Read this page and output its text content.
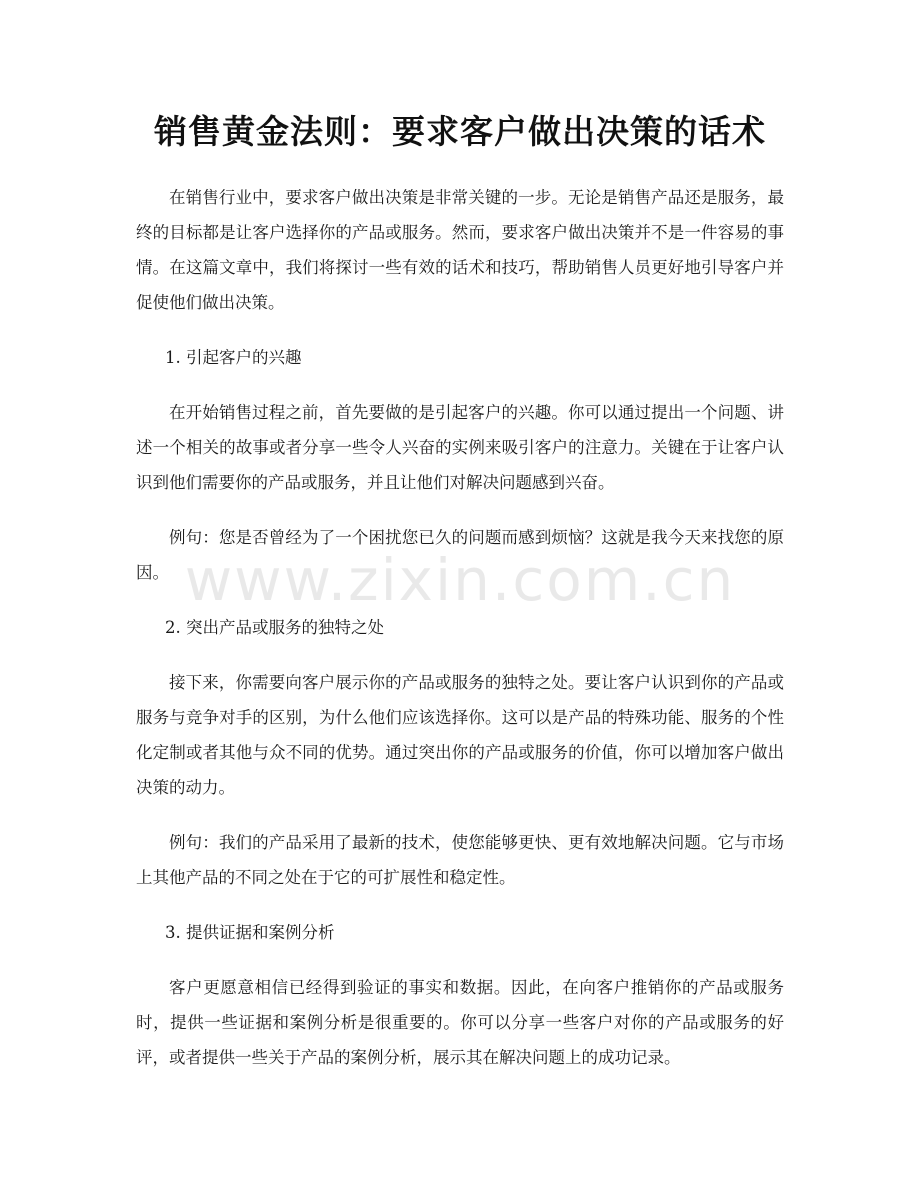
销售黄金法则：要求客户做出决策的话术

在销售行业中，要求客户做出决策是非常关键的一步。无论是销售产品还是服务，最终的目标都是让客户选择你的产品或服务。然而，要求客户做出决策并不是一件容易的事情。在这篇文章中，我们将探讨一些有效的话术和技巧，帮助销售人员更好地引导客户并促使他们做出决策。

1. 引起客户的兴趣

在开始销售过程之前，首先要做的是引起客户的兴趣。你可以通过提出一个问题、讲述一个相关的故事或者分享一些令人兴奋的实例来吸引客户的注意力。关键在于让客户认识到他们需要你的产品或服务，并且让他们对解决问题感到兴奋。

例句：您是否曾经为了一个困扰您已久的问题而感到烦恼？这就是我今天来找您的原因。

2. 突出产品或服务的独特之处

接下来，你需要向客户展示你的产品或服务的独特之处。要让客户认识到你的产品或服务与竞争对手的区别，为什么他们应该选择你。这可以是产品的特殊功能、服务的个性化定制或者其他与众不同的优势。通过突出你的产品或服务的价值，你可以增加客户做出决策的动力。

例句：我们的产品采用了最新的技术，使您能够更快、更有效地解决问题。它与市场上其他产品的不同之处在于它的可扩展性和稳定性。

3. 提供证据和案例分析

客户更愿意相信已经得到验证的事实和数据。因此，在向客户推销你的产品或服务时，提供一些证据和案例分析是很重要的。你可以分享一些客户对你的产品或服务的好评，或者提供一些关于产品的案例分析，展示其在解决问题上的成功记录。

www.zixin.com.cn
